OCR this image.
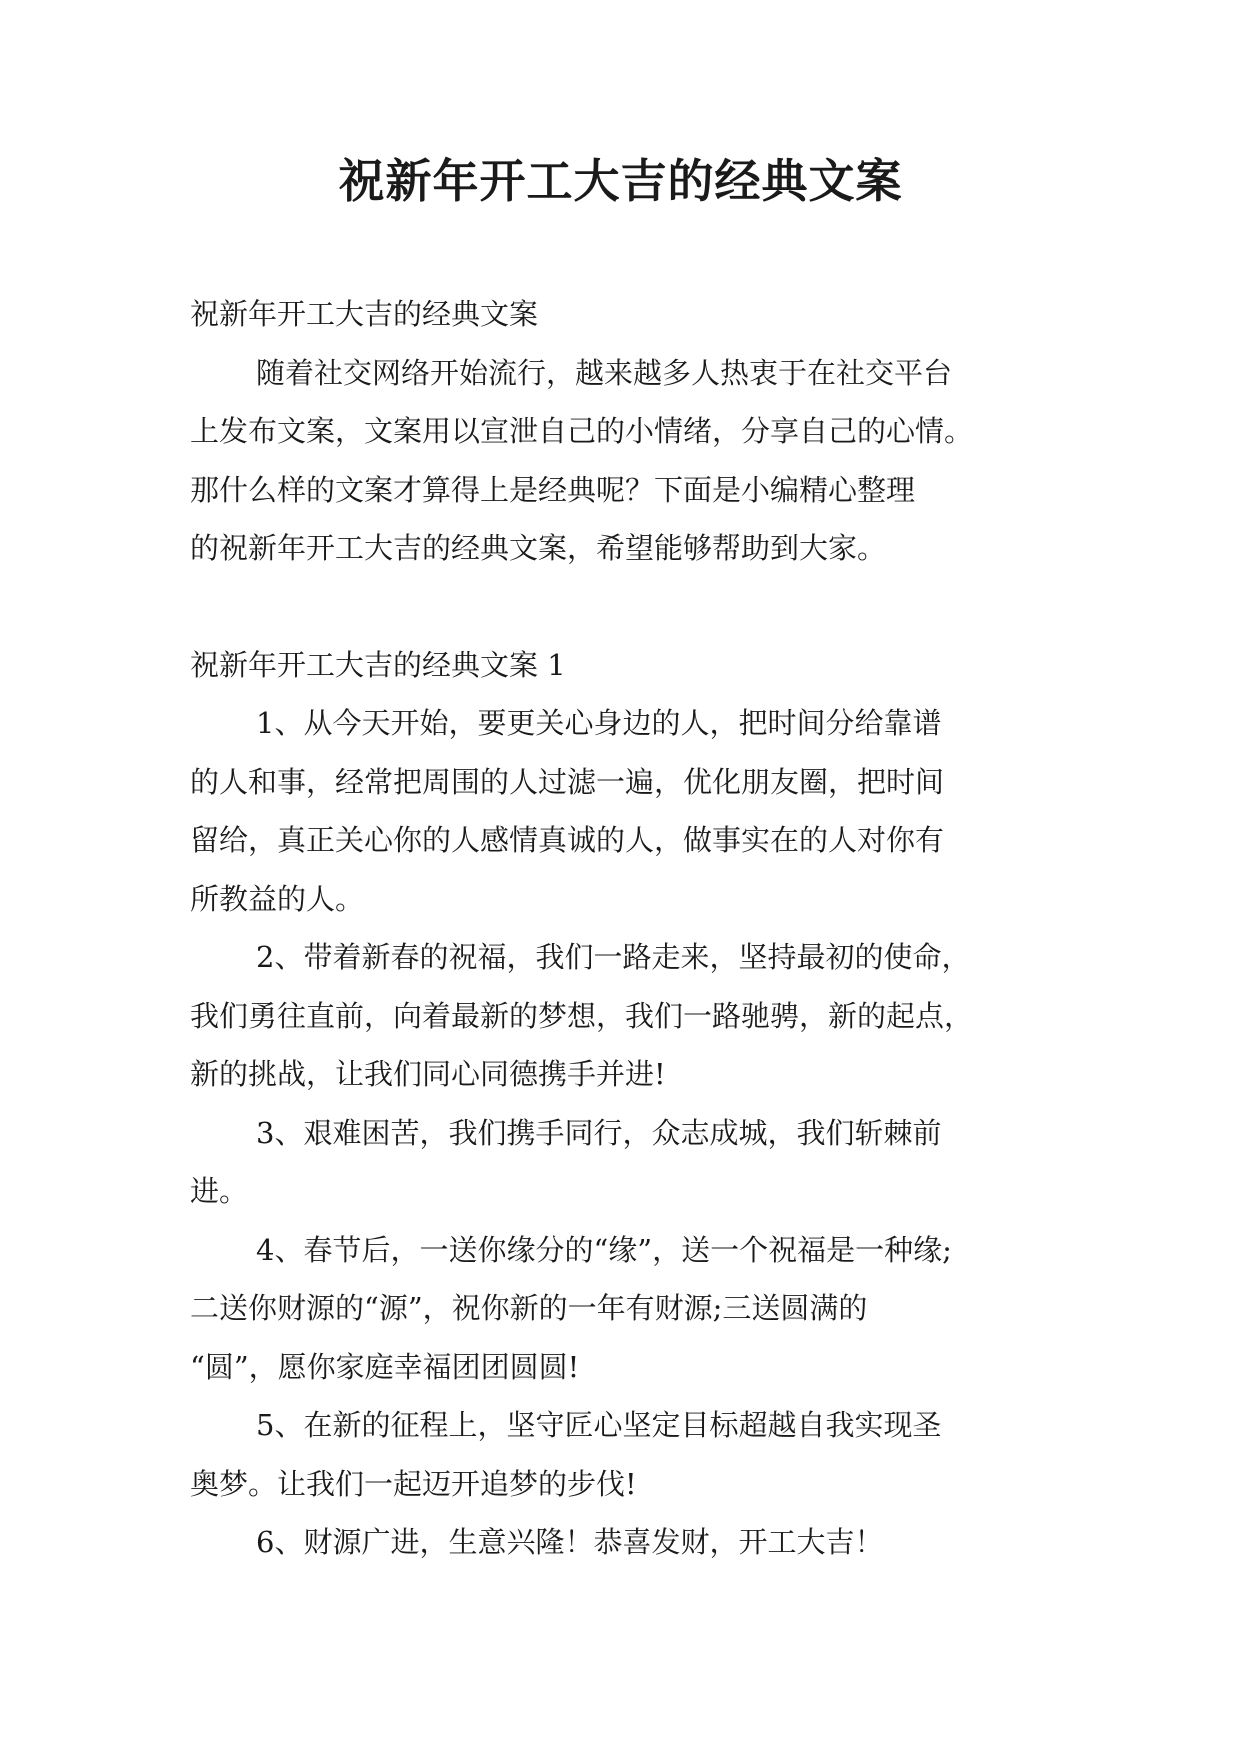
祝新年开工大吉的经典文案

祝新年开工大吉的经典文案

随着社交网络开始流行，越来越多人热衷于在社交平台
上发布文案，文案用以宣泄自己的小情绪，分享自己的心情。
那什么样的文案才算得上是经典呢？下面是小编精心整理
的祝新年开工大吉的经典文案，希望能够帮助到大家。

祝新年开工大吉的经典文案 1

1、从今天开始，要更关心身边的人，把时间分给靠谱
的人和事，经常把周围的人过滤一遍，优化朋友圈，把时间
留给，真正关心你的人感情真诚的人，做事实在的人对你有
所教益的人。

2、带着新春的祝福，我们一路走来，坚持最初的使命，
我们勇往直前，向着最新的梦想，我们一路驰骋，新的起点，
新的挑战，让我们同心同德携手并进!

3、艰难困苦，我们携手同行，众志成城，我们斩棘前
进。

4、春节后，一送你缘分的“缘”，送一个祝福是一种缘;
二送你财源的“源”，祝你新的一年有财源;三送圆满的
“圆”，愿你家庭幸福团团圆圆!

5、在新的征程上，坚守匠心坚定目标超越自我实现圣
奥梦。让我们一起迈开追梦的步伐!

6、财源广进，生意兴隆！恭喜发财，开工大吉！
